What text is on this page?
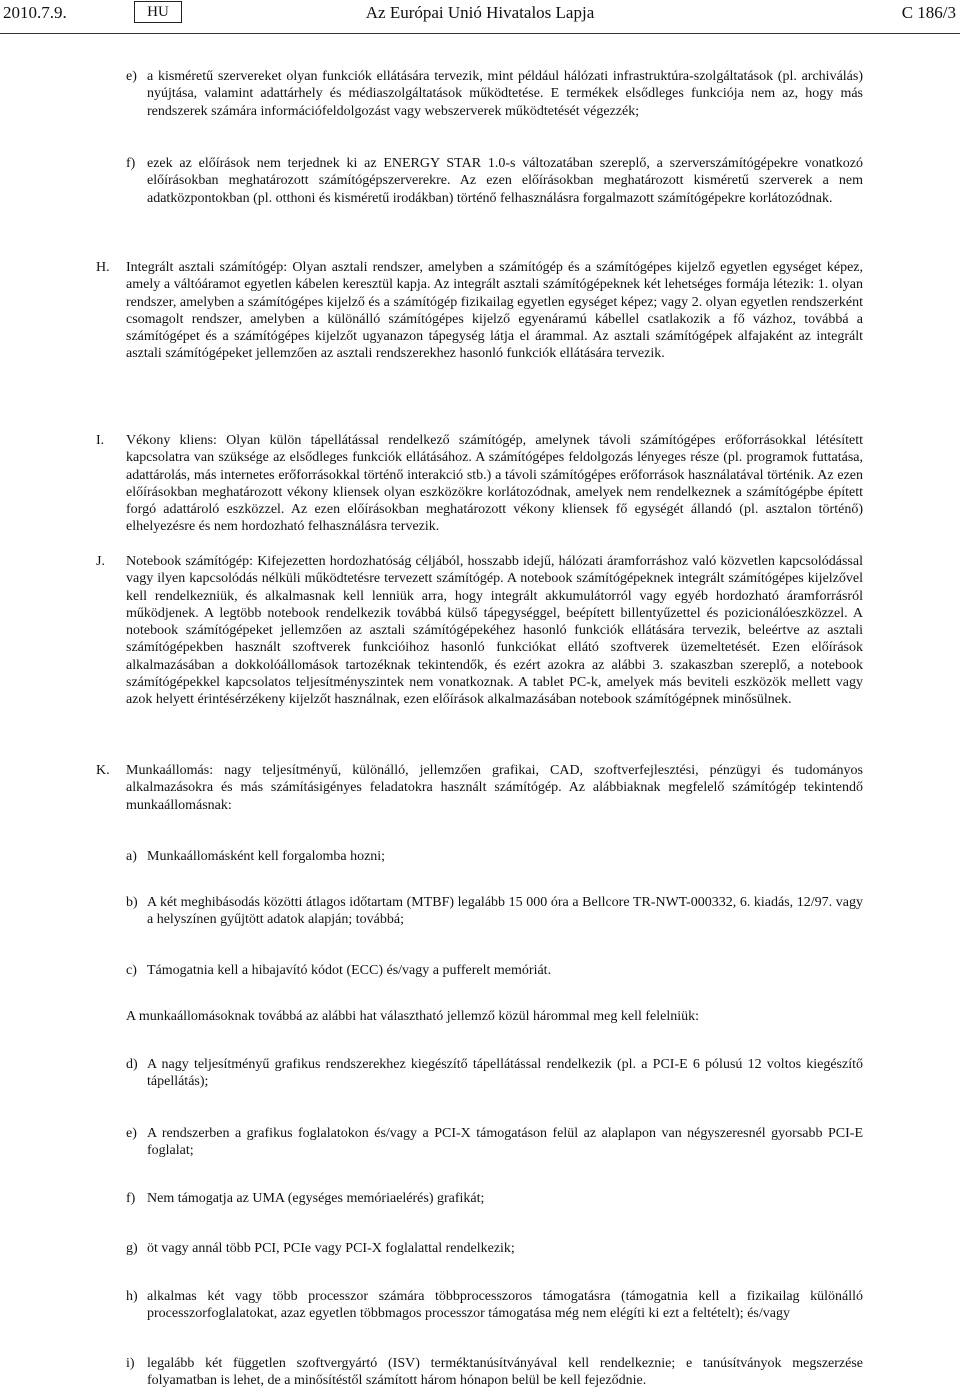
2010.7.9.	HU	Az Európai Unió Hivatalos Lapja	C 186/3
e) a kisméretű szervereket olyan funkciók ellátására tervezik, mint például hálózati infrastruktúra-szolgáltatások (pl. archiválás) nyújtása, valamint adattárhely és médiaszolgáltatások működtetése. E termékek elsődleges funkciója nem az, hogy más rendszerek számára információfeldolgozást vagy webszerverek működtetését végezzék;
f) ezek az előírások nem terjednek ki az ENERGY STAR 1.0-s változatában szereplő, a szerverszámítógépekre vonatkozó előírásokban meghatározott számítógépszerverekre. Az ezen előírásokban meghatározott kisméretű szerverek a nem adatközpontokban (pl. otthoni és kisméretű irodákban) történő felhasználásra forgalmazott számítógépekre korlátozódnak.
H. Integrált asztali számítógép: Olyan asztali rendszer, amelyben a számítógép és a számítógépes kijelző egyetlen egységet képez, amely a váltóáramot egyetlen kábelen keresztül kapja. Az integrált asztali számítógépeknek két lehetséges formája létezik: 1. olyan rendszer, amelyben a számítógépes kijelző és a számítógép fizikailag egyetlen egységet képez; vagy 2. olyan egyetlen rendszerként csomagolt rendszer, amelyben a különálló számítógépes kijelző egyenáramú kábellel csatlakozik a fő vázhoz, továbbá a számítógépet és a számítógépes kijelzőt ugyanazon tápegység látja el árammal. Az asztali számítógépek alfajaként az integrált asztali számítógépeket jellemzően az asztali rendszerekhez hasonló funkciók ellátására tervezik.
I. Vékony kliens: Olyan külön tápellátással rendelkező számítógép, amelynek távoli számítógépes erőforrásokkal létésített kapcsolatra van szüksége az elsődleges funkciók ellátásához. A számítógépes feldolgozás lényeges része (pl. programok futtatása, adattárolás, más internetes erőforrásokkal történő interakció stb.) a távoli számítógépes erőforrások használatával történik. Az ezen előírásokban meghatározott vékony kliensek olyan eszközökre korlátozódnak, amelyek nem rendelkeznek a számítógépbe épített forgó adattároló eszközzel. Az ezen előírásokban meghatározott vékony kliensek fő egységét állandó (pl. asztalon történő) elhelyezésre és nem hordozható felhasználásra tervezik.
J. Notebook számítógép: Kifejezetten hordozhatóság céljából, hosszabb idejű, hálózati áramforráshoz való közvetlen kapcsolódással vagy ilyen kapcsolódás nélküli működtetésre tervezett számítógép. A notebook számítógépeknek integrált számítógépes kijelzővel kell rendelkezniük, és alkalmasnak kell lenniük arra, hogy integrált akkumulátorról vagy egyéb hordozható áramforrásról működjenek. A legtöbb notebook rendelkezik továbbá külső tápegységgel, beépített billentyűzettel és pozicionálóeszközzel. A notebook számítógépeket jellemzően az asztali számítógépekéhez hasonló funkciók ellátására tervezik, beleértve az asztali számítógépekben használt szoftverek funkcióihoz hasonló funkciókat ellátó szoftverek üzemeltetését. Ezen előírások alkalmazásában a dokkolóállomások tartozéknak tekintendők, és ezért azokra az alábbi 3. szakaszban szereplő, a notebook számítógépekkel kapcsolatos teljesítményszintek nem vonatkoznak. A tablet PC-k, amelyek más beviteli eszközök mellett vagy azok helyett érintésérzékeny kijelzőt használnak, ezen előírások alkalmazásában notebook számítógépnek minősülnek.
K. Munkaállomás: nagy teljesítményű, különálló, jellemzően grafikai, CAD, szoftverfejlesztési, pénzügyi és tudományos alkalmazásokra és más számításigényes feladatokra használt számítógép. Az alábbiaknak megfelelő számítógép tekintendő munkaállomásnak:
a) Munkaállomásként kell forgalomba hozni;
b) A két meghibásodás közötti átlagos időtartam (MTBF) legalább 15 000 óra a Bellcore TR-NWT-000332, 6. kiadás, 12/97. vagy a helyszínen gyűjtött adatok alapján; továbbá;
c) Támogatnia kell a hibajavító kódot (ECC) és/vagy a pufferelt memóriát.
A munkaállomásoknak továbbá az alábbi hat választható jellemző közül hárommal meg kell felelniük:
d) A nagy teljesítményű grafikus rendszerekhez kiegészítő tápellátással rendelkezik (pl. a PCI-E 6 pólusú 12 voltos kiegészítő tápellátás);
e) A rendszerben a grafikus foglalatokon és/vagy a PCI-X támogatáson felül az alaplapon van négyszeresnél gyorsabb PCI-E foglalat;
f) Nem támogatja az UMA (egységes memóriaelérés) grafikát;
g) öt vagy annál több PCI, PCIe vagy PCI-X foglalattal rendelkezik;
h) alkalmas két vagy több processzor számára többprocesszoros támogatásra (támogatnia kell a fizikailag különálló processzorfoglalatokat, azaz egyetlen többmagos processzor támogatása még nem elégíti ki ezt a feltételt); és/vagy
i) legalább két független szoftvergyártó (ISV) terméktanúsítványával kell rendelkeznie; e tanúsítványok megszerzése folyamatban is lehet, de a minősítéstől számított három hónapon belül be kell fejeződnie.
